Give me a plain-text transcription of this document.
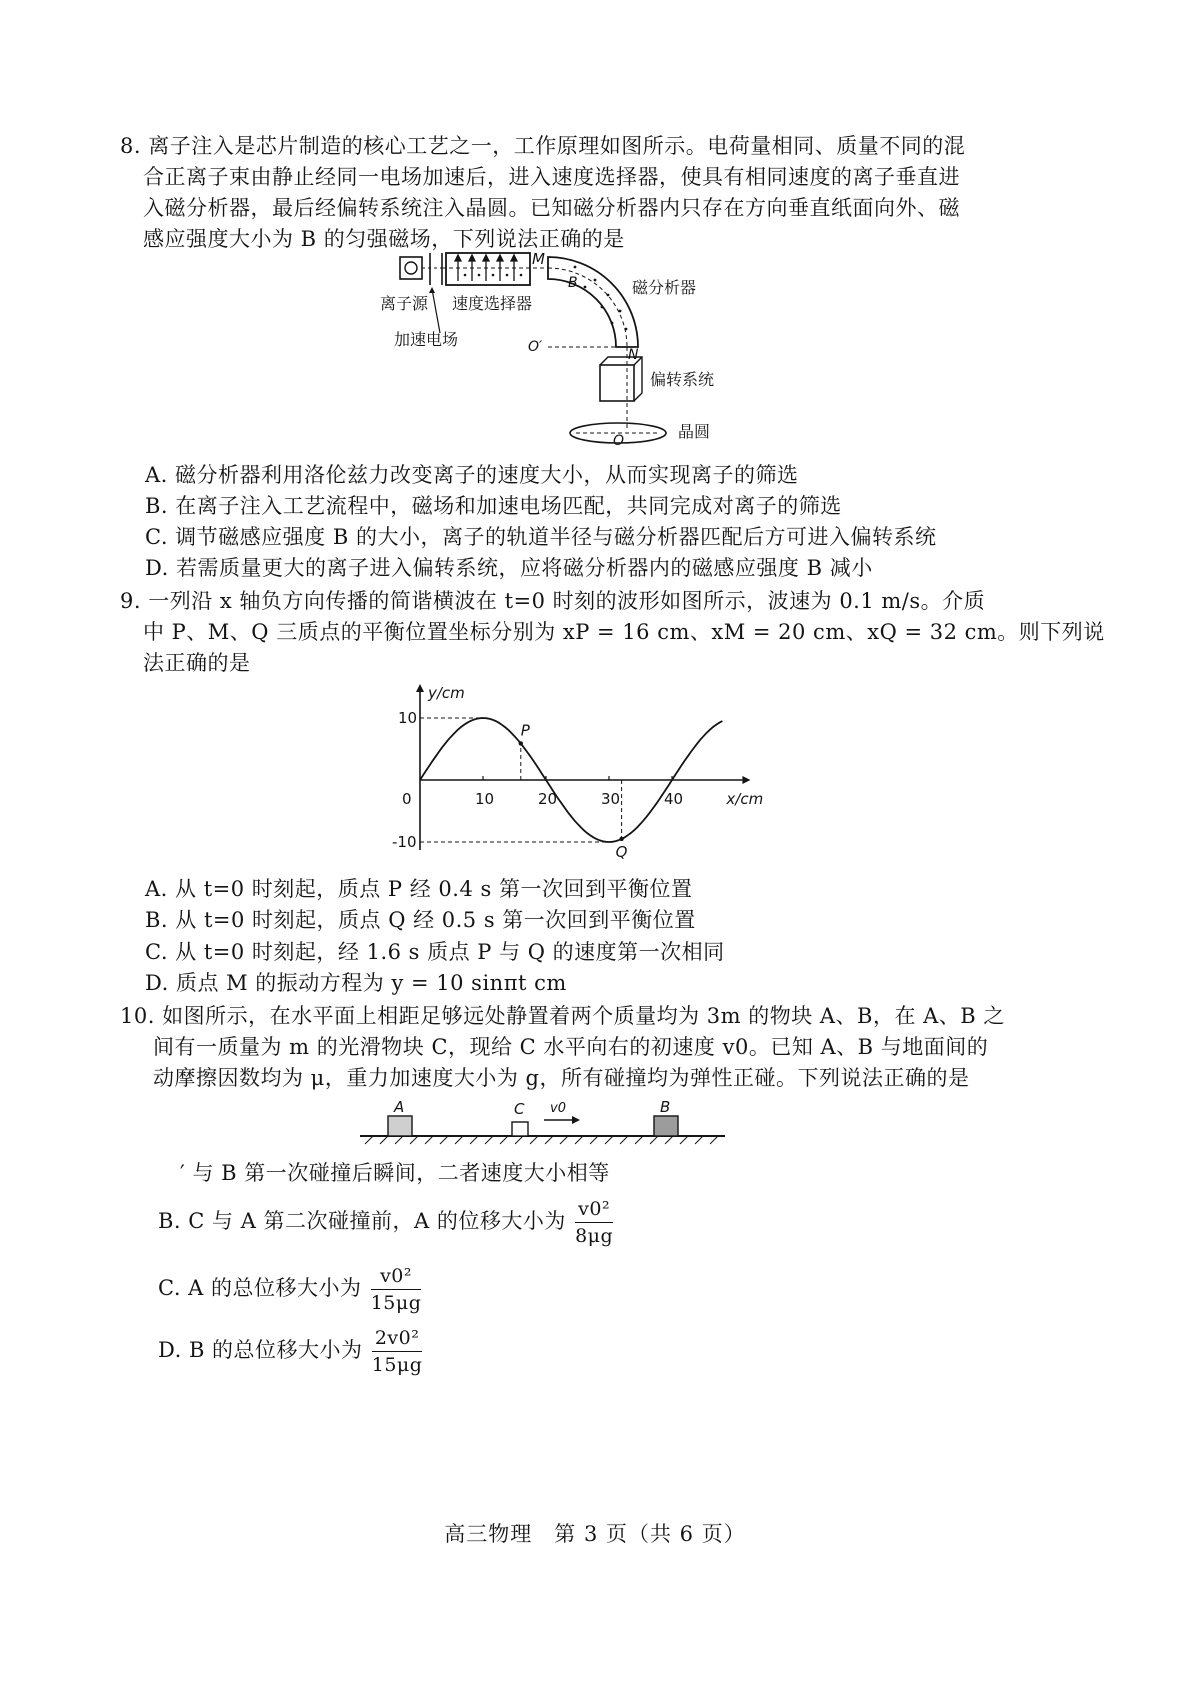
8. 离子注入是芯片制造的核心工艺之一，工作原理如图所示。电荷量相同、质量不同的混
合正离子束由静止经同一电场加速后，进入速度选择器，使具有相同速度的离子垂直进
入磁分析器，最后经偏转系统注入晶圆。已知磁分析器内只存在方向垂直纸面向外、磁
感应强度大小为 B 的匀强磁场，下列说法正确的是
M
B
O′	N
O
离子源 速度选择器
加速电场
磁分析器
偏转系统
晶圆
A. 磁分析器利用洛伦兹力改变离子的速度大小，从而实现离子的筛选
B. 在离子注入工艺流程中，磁场和加速电场匹配，共同完成对离子的筛选
C. 调节磁感应强度 B 的大小，离子的轨道半径与磁分析器匹配后方可进入偏转系统
D. 若需质量更大的离子进入偏转系统，应将磁分析器内的磁感应强度 B 减小
9. 一列沿 x 轴负方向传播的简谐横波在 t=0 时刻的波形如图所示，波速为 0.1 m/s。介质
中 P、M、Q 三质点的平衡位置坐标分别为 xP = 16 cm、xM = 20 cm、xQ = 32 cm。则下列说
法正确的是
x/cm
y/cm
0	10	20	30	40
10
-10
P
Q
A. 从 t=0 时刻起，质点 P 经 0.4 s 第一次回到平衡位置
B. 从 t=0 时刻起，质点 Q 经 0.5 s 第一次回到平衡位置
C. 从 t=0 时刻起，经 1.6 s 质点 P 与 Q 的速度第一次相同
D. 质点 M 的振动方程为 y = 10 sinπt cm
10. 如图所示，在水平面上相距足够远处静置着两个质量均为 3m 的物块 A、B，在 A、B 之
间有一质量为 m 的光滑物块 C，现给 C 水平向右的初速度 v0。已知 A、B 与地面间的
动摩擦因数均为 μ，重力加速度大小为 g，所有碰撞均为弹性正碰。下列说法正确的是
A	C v0	B
′ 与 B 第一次碰撞后瞬间，二者速度大小相等
B. C 与 A 第二次碰撞前，A 的位移大小为 $\frac{\text{v0²}}{8\mu g}$
C. A 的总位移大小为 $\frac{\text{v0²}}{15\mu g}$
D. B 的总位移大小为 $\frac{\text{2v0²}}{15\mu g}$
高三物理　第 3 页（共 6 页）
